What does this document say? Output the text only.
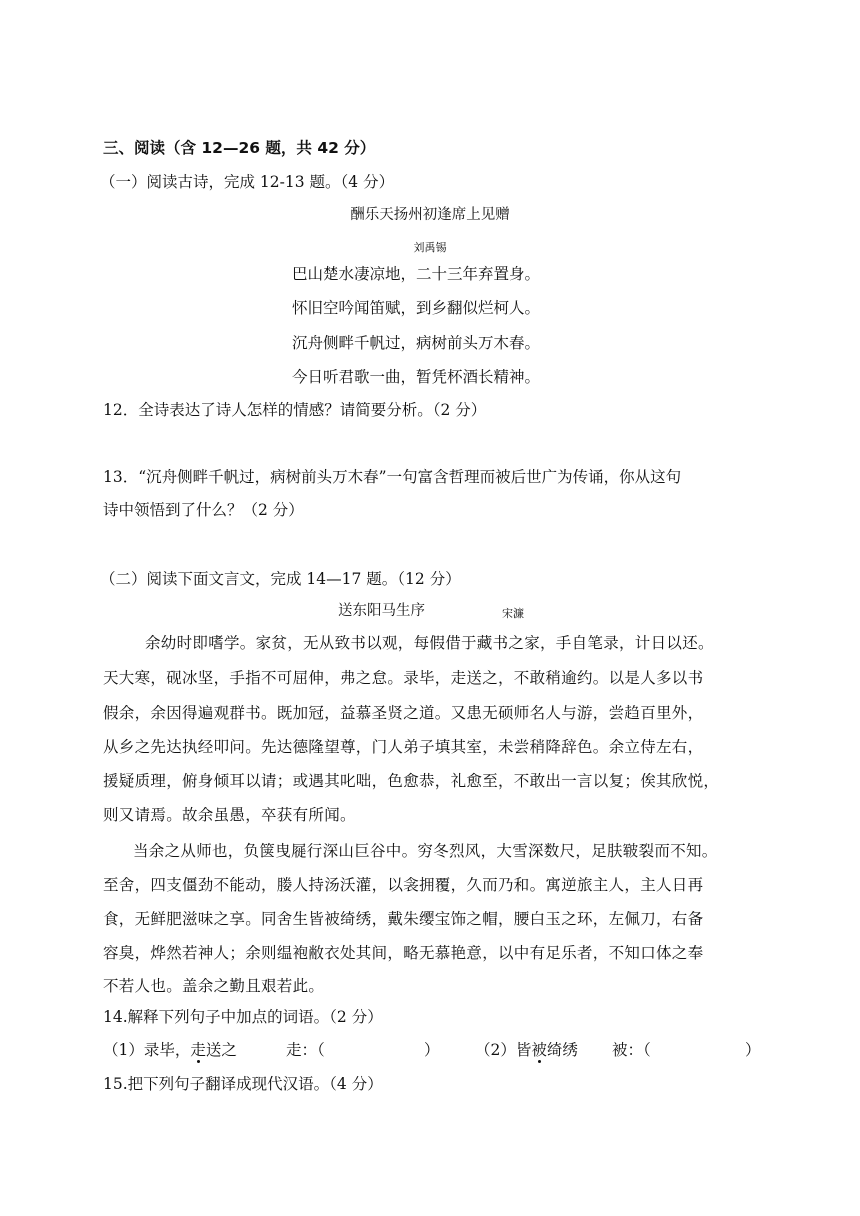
三、阅读（含 12—26 题，共 42 分）
（一）阅读古诗，完成 12-13 题。（4 分）
酬乐天扬州初逢席上见赠
刘禹锡
巴山楚水凄凉地，二十三年弃置身。
怀旧空吟闻笛赋，到乡翻似烂柯人。
沉舟侧畔千帆过，病树前头万木春。
今日听君歌一曲，暂凭杯酒长精神。
12．全诗表达了诗人怎样的情感？请简要分析。（2 分）
13．“沉舟侧畔千帆过，病树前头万木春”一句富含哲理而被后世广为传诵，你从这句
诗中领悟到了什么？（2 分）
（二）阅读下面文言文，完成 14—17 题。（12 分）
送东阳马生序	宋濂
余幼时即嗜学。家贫，无从致书以观，每假借于藏书之家，手自笔录，计日以还。
天大寒，砚冰坚，手指不可屈伸，弗之怠。录毕，走送之，不敢稍逾约。以是人多以书
假余，余因得遍观群书。既加冠，益慕圣贤之道。又患无硕师名人与游，尝趋百里外，
从乡之先达执经叩问。先达德隆望尊，门人弟子填其室，未尝稍降辞色。余立侍左右，
援疑质理，俯身倾耳以请；或遇其叱咄，色愈恭，礼愈至，不敢出一言以复；俟其欣悦，
则又请焉。故余虽愚，卒获有所闻。
当余之从师也，负箧曳屣行深山巨谷中。穷冬烈风，大雪深数尺，足肤皲裂而不知。
至舍，四支僵劲不能动，媵人持汤沃灌，以衾拥覆，久而乃和。寓逆旅主人，主人日再
食，无鲜肥滋味之享。同舍生皆被绮绣，戴朱缨宝饰之帽，腰白玉之环，左佩刀，右备
容臭，烨然若神人；余则缊袍敝衣处其间，略无慕艳意，以中有足乐者，不知口体之奉
不若人也。盖余之勤且艰若此。
14.解释下列句子中加点的词语。（2 分）
（1）录毕，走送之	走：（	） （2）皆被绮绣 被：（	）
15.把下列句子翻译成现代汉语。（4 分）
